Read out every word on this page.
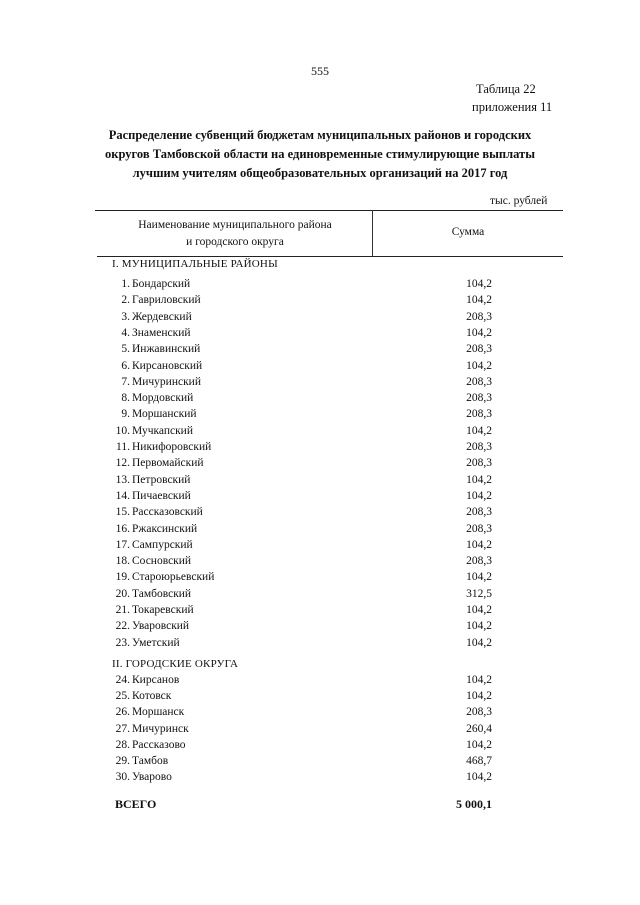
555
Таблица 22
приложения 11
Распределение субвенций бюджетам муниципальных районов и городских
округов Тамбовской области на единовременные стимулирующие выплаты
лучшим учителям общеобразовательных организаций на 2017 год
тыс. рублей
Наименование муниципального района
и городского округа
Сумма
I. МУНИЦИПАЛЬНЫЕ РАЙОНЫ
1. Бондарский	104,2
2. Гавриловский	104,2
3. Жердевский	208,3
4. Знаменский	104,2
5. Инжавинский	208,3
6. Кирсановский	104,2
7. Мичуринский	208,3
8. Мордовский	208,3
9. Моршанский	208,3
10. Мучкапский	104,2
11. Никифоровский	208,3
12. Первомайский	208,3
13. Петровский	104,2
14. Пичаевский	104,2
15. Рассказовский	208,3
16. Ржаксинский	208,3
17. Сампурский	104,2
18. Сосновский	208,3
19. Староюрьевский	104,2
20. Тамбовский	312,5
21. Токаревский	104,2
22. Уваровский	104,2
23. Уметский	104,2
II. ГОРОДСКИЕ ОКРУГА
24. Кирсанов	104,2
25. Котовск	104,2
26. Моршанск	208,3
27. Мичуринск	260,4
28. Рассказово	104,2
29. Тамбов	468,7
30. Уварово	104,2
ВСЕГО	5 000,1
